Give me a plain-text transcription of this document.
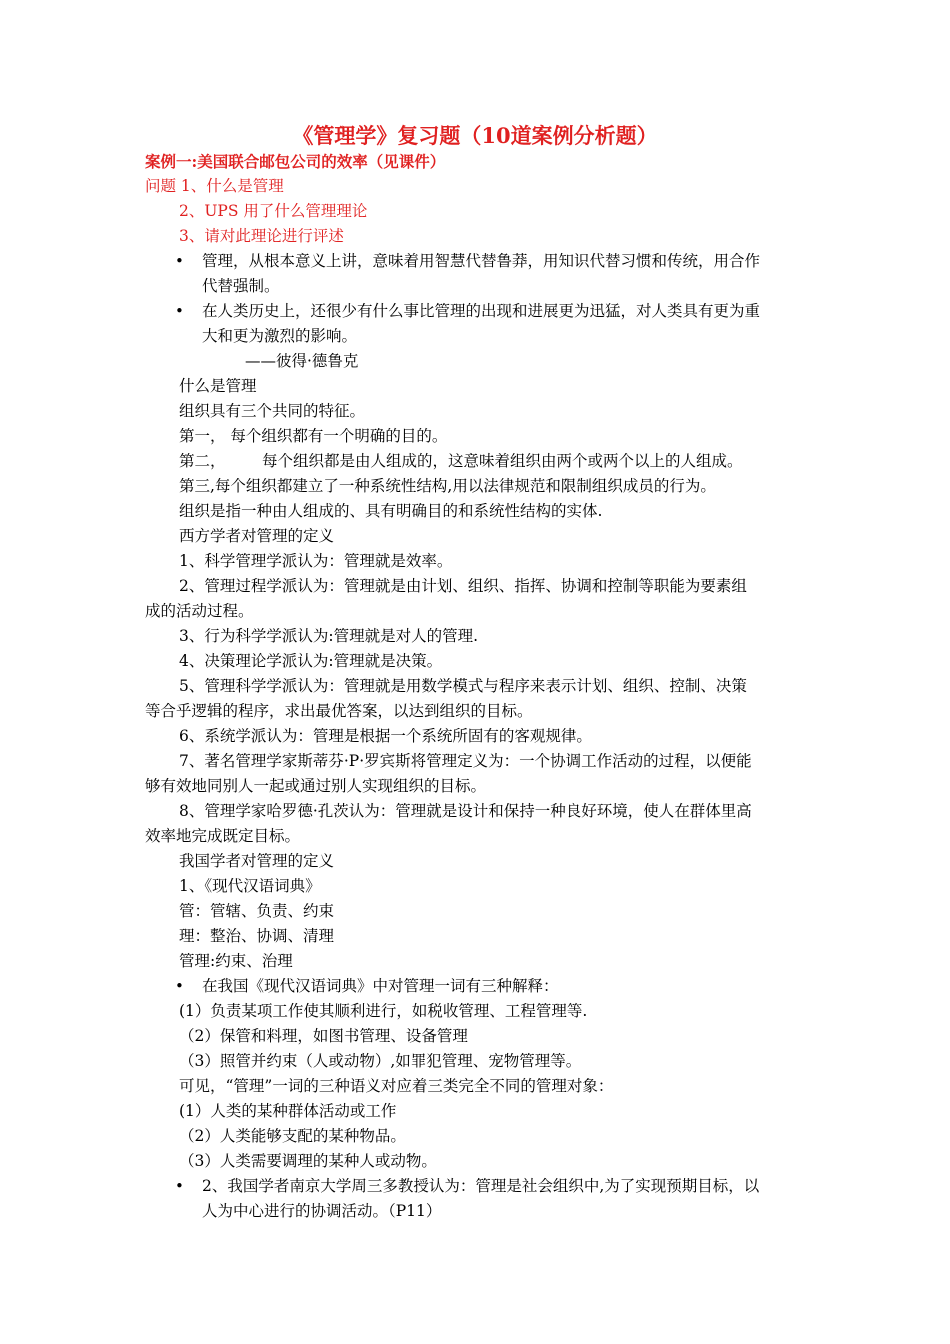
《管理学》复习题（10道案例分析题）
案例一:美国联合邮包公司的效率（见课件）
问题 1、什么是管理
2、UPS 用了什么管理理论
3、请对此理论进行评述
• 管理，从根本意义上讲，意味着用智慧代替鲁莽，用知识代替习惯和传统，用合作
代替强制。
• 在人类历史上，还很少有什么事比管理的出现和进展更为迅猛，对人类具有更为重
大和更为激烈的影响。
——彼得·德鲁克
什么是管理
组织具有三个共同的特征。
第一， 每个组织都有一个明确的目的。
第二， 每个组织都是由人组成的，这意味着组织由两个或两个以上的人组成。
第三,每个组织都建立了一种系统性结构,用以法律规范和限制组织成员的行为。
组织是指一种由人组成的、具有明确目的和系统性结构的实体.
西方学者对管理的定义
1、科学管理学派认为：管理就是效率。
2、管理过程学派认为：管理就是由计划、组织、指挥、协调和控制等职能为要素组
成的活动过程。
3、行为科学学派认为:管理就是对人的管理.
4、决策理论学派认为:管理就是决策。
5、管理科学学派认为：管理就是用数学模式与程序来表示计划、组织、控制、决策
等合乎逻辑的程序，求出最优答案，以达到组织的目标。
6、系统学派认为：管理是根据一个系统所固有的客观规律。
7、著名管理学家斯蒂芬·P·罗宾斯将管理定义为：一个协调工作活动的过程，以便能
够有效地同别人一起或通过别人实现组织的目标。
8、管理学家哈罗德·孔茨认为：管理就是设计和保持一种良好环境，使人在群体里高
效率地完成既定目标。
我国学者对管理的定义
1、《现代汉语词典》
管：管辖、负责、约束
理：整治、协调、清理
管理:约束、治理
• 在我国《现代汉语词典》中对管理一词有三种解释：
(1）负责某项工作使其顺利进行，如税收管理、工程管理等.
（2）保管和料理，如图书管理、设备管理
（3）照管并约束（人或动物）,如罪犯管理、宠物管理等。
可见，“管理”一词的三种语义对应着三类完全不同的管理对象：
(1）人类的某种群体活动或工作
（2）人类能够支配的某种物品。
（3）人类需要调理的某种人或动物。
• 2、我国学者南京大学周三多教授认为：管理是社会组织中,为了实现预期目标，以
人为中心进行的协调活动。（P11）
